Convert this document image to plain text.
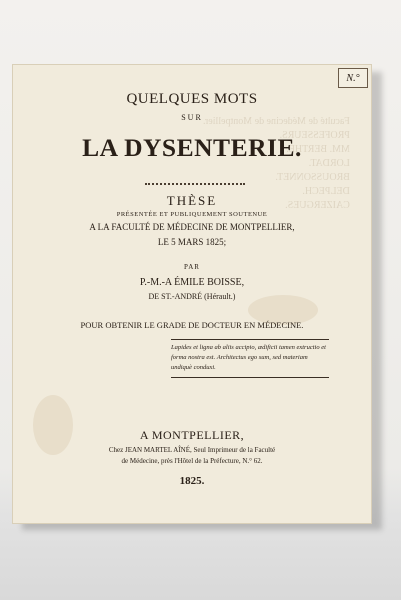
Faculté de Médecine de Montpellier.
PROFESSEURS.
MM. BERTHE.
LORDAT.
BROUSSONNET.
DELPECH.
CAIZERGUES.
N.°
QUELQUES MOTS
SUR
LA DYSENTERIE.
THÈSE
PRÉSENTÉE ET PUBLIQUEMENT SOUTENUE
A LA FACULTÉ DE MÉDECINE DE MONTPELLIER,
LE 5 MARS 1825;
PAR
P.-M.-A ÉMILE BOISSE,
DE ST.-ANDRÉ (Hérault.)
POUR OBTENIR LE GRADE DE DOCTEUR EN MÉDECINE.
Lapides et ligna ab aliis accipio, ædificii tamen extructio et forma nostra est. Architectus ego sum, sed materiam undiquè conduxi.
A MONTPELLIER,
Chez JEAN MARTEL AÎNÉ, Seul Imprimeur de la Faculté
de Médecine, près l'Hôtel de la Préfecture, N.° 62.
1825.
